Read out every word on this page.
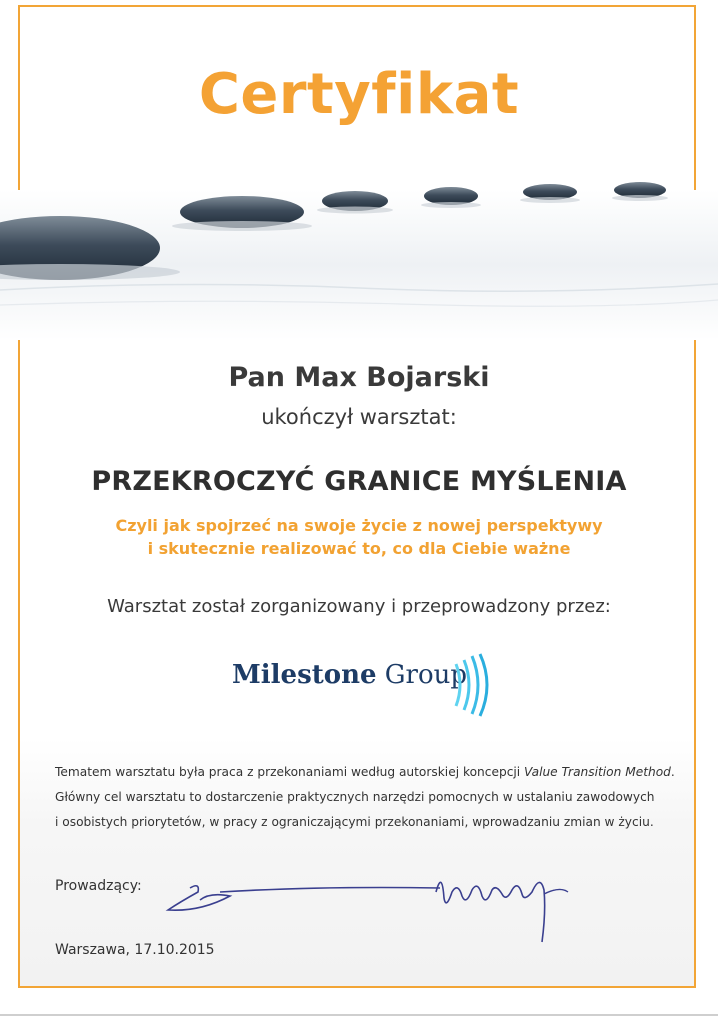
Certyfikat

Pan Max Bojarski

ukończył warsztat:

PRZEKROCZYĆ GRANICE MYŚLENIA

Czyli jak spojrzeć na swoje życie z nowej perspektywy

i skutecznie realizować to, co dla Ciebie ważne

Warsztat został zorganizowany i przeprowadzony przez:

Milestone Group

Tematem warsztatu była praca z przekonaniami według autorskiej koncepcji Value Transition Method.

Główny cel warsztatu to dostarczenie praktycznych narzędzi pomocnych w ustalaniu zawodowych

i osobistych priorytetów, w pracy z ograniczającymi przekonaniami, wprowadzaniu zmian w życiu.

Prowadzący:

Warszawa, 17.10.2015
